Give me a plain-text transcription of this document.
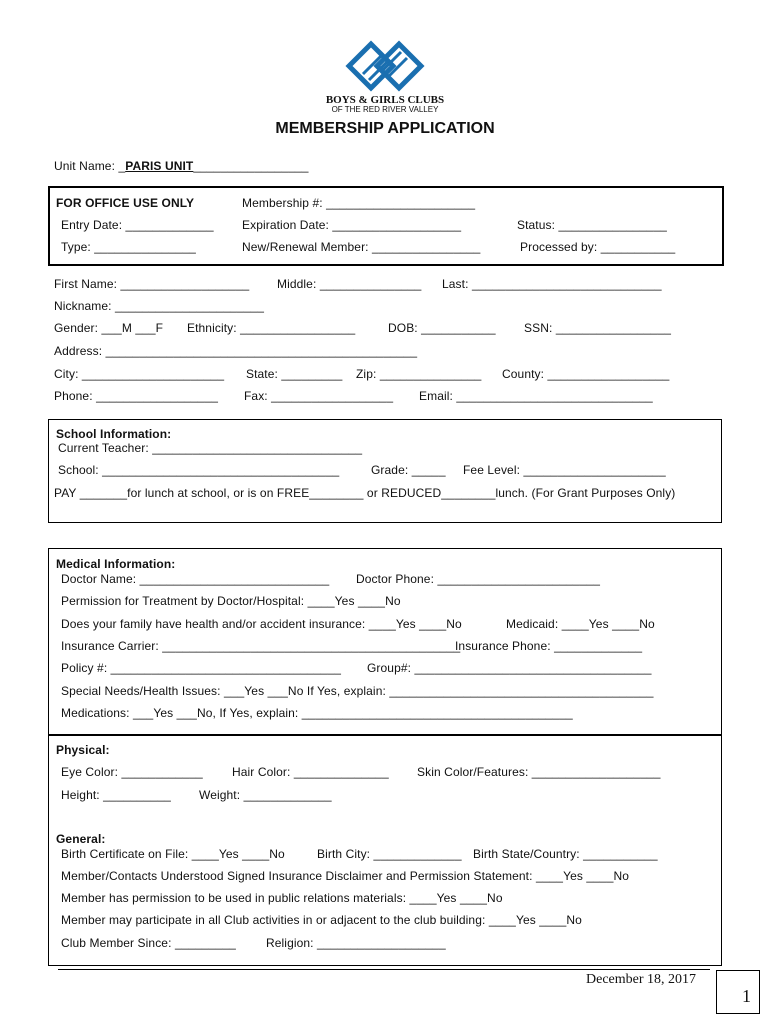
BOYS & GIRLS CLUBS
OF THE RED RIVER VALLEY
MEMBERSHIP APPLICATION
Unit Name: _PARIS UNIT_________________
FOR OFFICE USE ONLY	Membership #: ______________________
Entry Date: _____________ Expiration Date: ___________________	Status: ________________
Type: _______________	New/Renewal Member: ________________	Processed by: ___________
First Name: ___________________ Middle: _______________ Last: ____________________________
Nickname: ______________________
Gender: ___M ___F Ethnicity: _________________	DOB: ___________ SSN: _________________
Address: ______________________________________________
City: _____________________ State: _________ Zip: _______________ County: __________________
Phone: __________________ Fax: __________________ Email: _____________________________
School Information:
Current Teacher: _______________________________
School: ___________________________________	Grade: _____ Fee Level: _____________________
PAY _______for lunch at school, or is on FREE________ or REDUCED________lunch. (For Grant Purposes Only)
Medical Information:
Doctor Name: ____________________________ Doctor Phone: ________________________
Permission for Treatment by Doctor/Hospital: ____Yes ____No
Does your family have health and/or accident insurance: ____Yes ____No	Medicaid: ____Yes ____No
Insurance Carrier: ____________________________________________
Insurance Phone: _____________
Policy #: __________________________________ Group#: ___________________________________
Special Needs/Health Issues: ___Yes ___No If Yes, explain: _______________________________________
Medications: ___Yes ___No, If Yes, explain: ________________________________________
Physical:
Eye Color: ____________ Hair Color: ______________ Skin Color/Features: ___________________
Height: __________ Weight: _____________
General:
Birth Certificate on File: ____Yes ____No	Birth City: _____________ Birth State/Country: ___________
Member/Contacts Understood Signed Insurance Disclaimer and Permission Statement: ____Yes ____No
Member has permission to be used in public relations materials: ____Yes ____No
Member may participate in all Club activities in or adjacent to the club building: ____Yes ____No
Club Member Since: _________	Religion: ___________________
December 18, 2017
1
